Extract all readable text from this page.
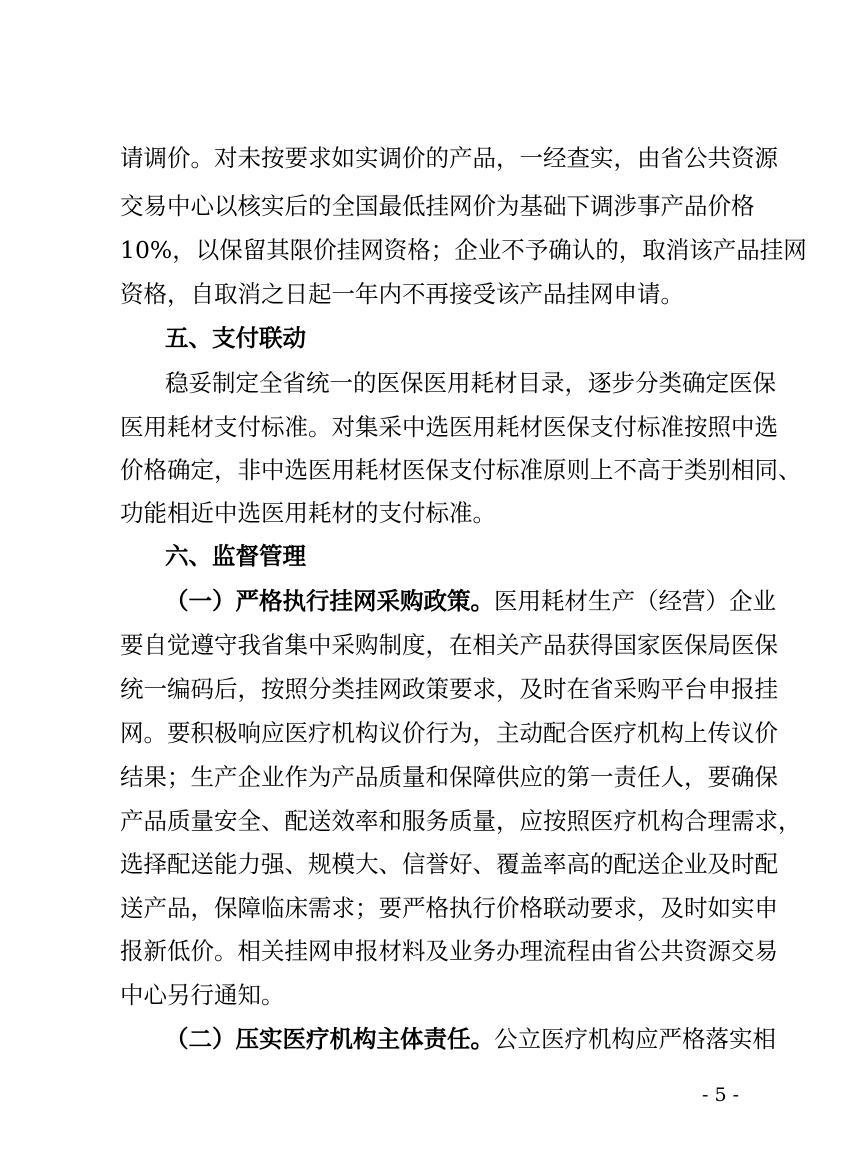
请调价。对未按要求如实调价的产品，一经查实，由省公共资源
交易中心以核实后的全国最低挂网价为基础下调涉事产品价格
10%，以保留其限价挂网资格；企业不予确认的，取消该产品挂网
资格，自取消之日起一年内不再接受该产品挂网申请。
五、支付联动
稳妥制定全省统一的医保医用耗材目录，逐步分类确定医保
医用耗材支付标准。对集采中选医用耗材医保支付标准按照中选
价格确定，非中选医用耗材医保支付标准原则上不高于类别相同、
功能相近中选医用耗材的支付标准。
六、监督管理
（一）严格执行挂网采购政策。医用耗材生产（经营）企业
要自觉遵守我省集中采购制度，在相关产品获得国家医保局医保
统一编码后，按照分类挂网政策要求，及时在省采购平台申报挂
网。要积极响应医疗机构议价行为，主动配合医疗机构上传议价
结果；生产企业作为产品质量和保障供应的第一责任人，要确保
产品质量安全、配送效率和服务质量，应按照医疗机构合理需求，
选择配送能力强、规模大、信誉好、覆盖率高的配送企业及时配
送产品，保障临床需求；要严格执行价格联动要求，及时如实申
报新低价。相关挂网申报材料及业务办理流程由省公共资源交易
中心另行通知。
（二）压实医疗机构主体责任。公立医疗机构应严格落实相
- 5 -
